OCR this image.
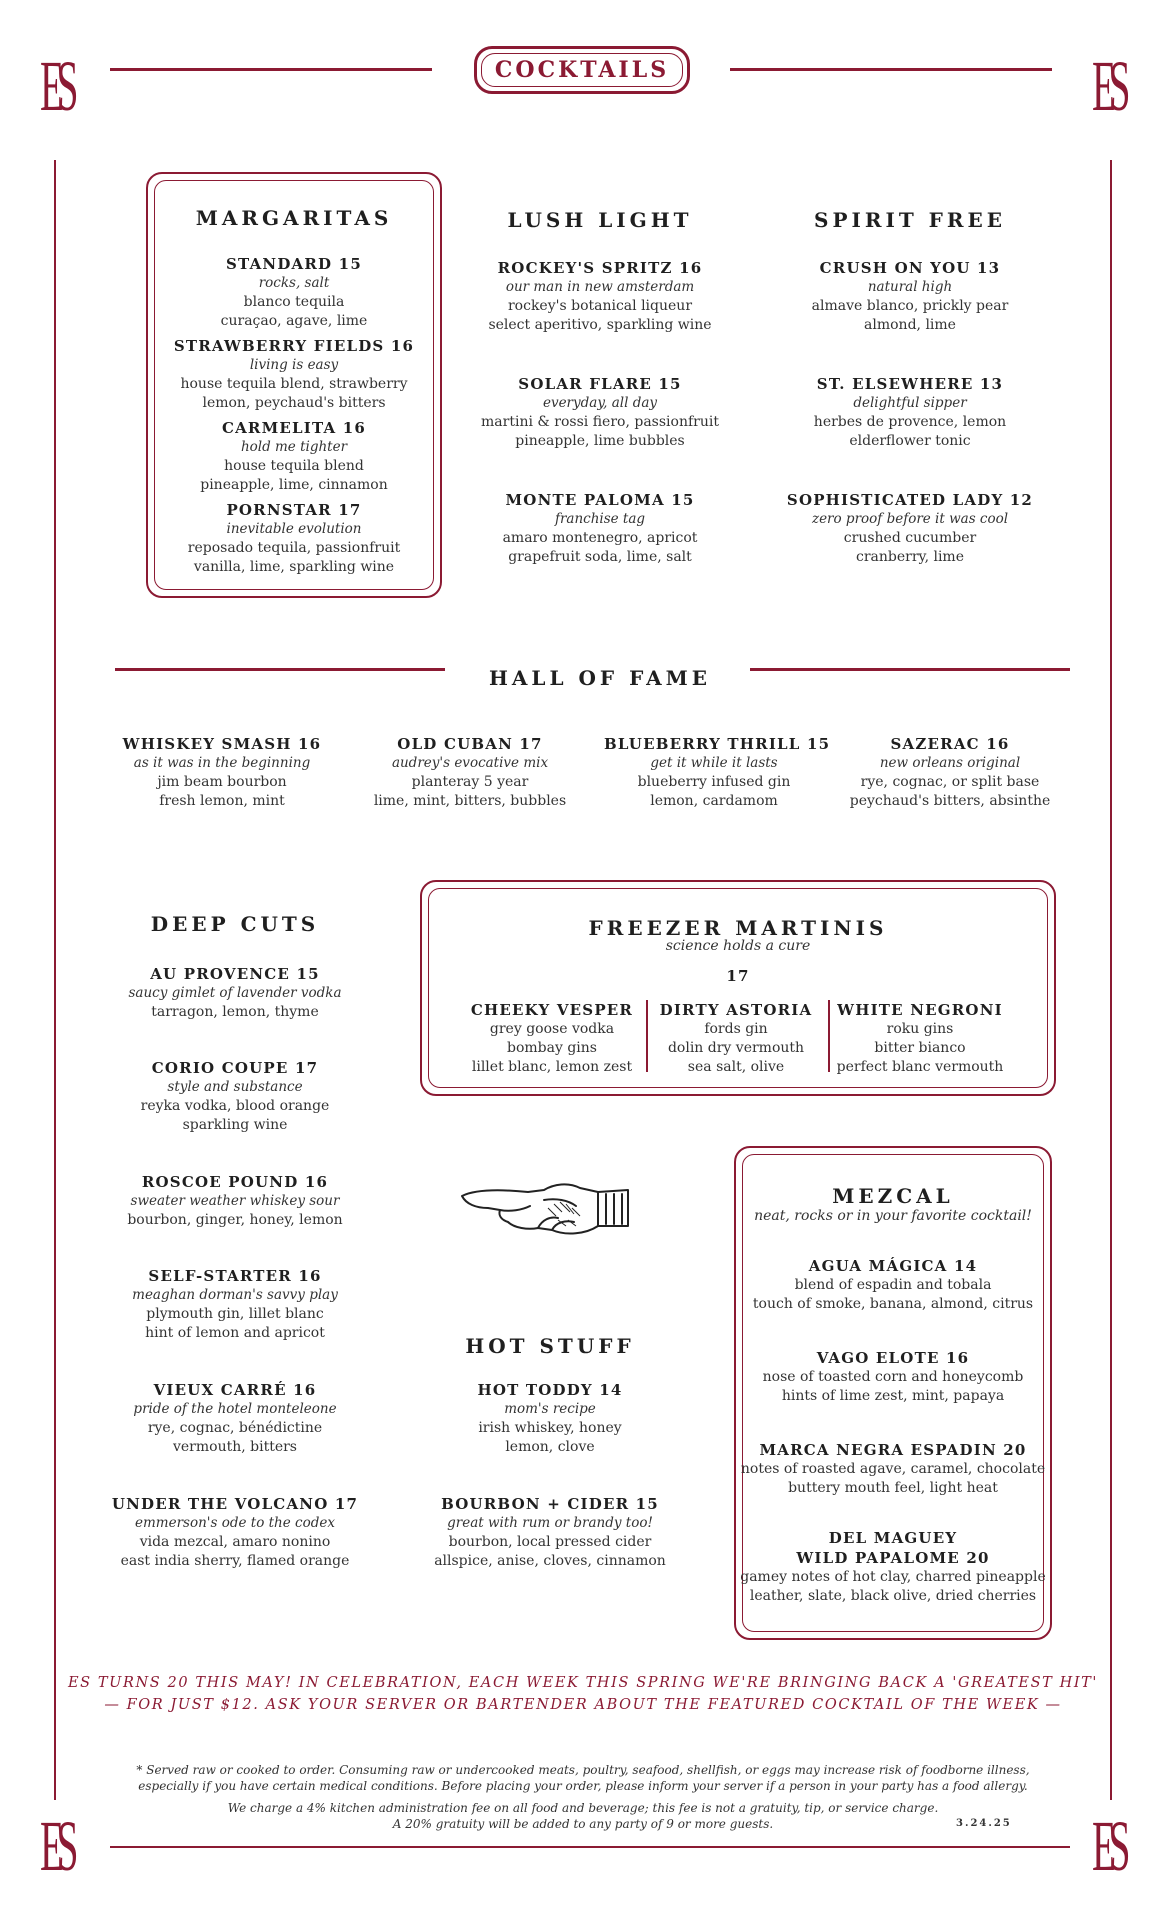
ES	ES
ES	ES
COCKTAILS
MARGARITAS
STANDARD 15
rocks, salt
blanco tequila
curaçao, agave, lime
STRAWBERRY FIELDS 16
living is easy
house tequila blend, strawberry
lemon, peychaud's bitters
CARMELITA 16
hold me tighter
house tequila blend
pineapple, lime, cinnamon
PORNSTAR 17
inevitable evolution
reposado tequila, passionfruit
vanilla, lime, sparkling wine
LUSH LIGHT
ROCKEY'S SPRITZ 16
our man in new amsterdam
rockey's botanical liqueur
select aperitivo, sparkling wine
SOLAR FLARE 15
everyday, all day
martini & rossi fiero, passionfruit
pineapple, lime bubbles
MONTE PALOMA 15
franchise tag
amaro montenegro, apricot
grapefruit soda, lime, salt
SPIRIT FREE
CRUSH ON YOU 13
natural high
almave blanco, prickly pear
almond, lime
ST. ELSEWHERE 13
delightful sipper
herbes de provence, lemon
elderflower tonic
SOPHISTICATED LADY 12
zero proof before it was cool
crushed cucumber
cranberry, lime
HALL OF FAME
WHISKEY SMASH 16
as it was in the beginning
jim beam bourbon
fresh lemon, mint
OLD CUBAN 17
audrey's evocative mix
planteray 5 year
lime, mint, bitters, bubbles
BLUEBERRY THRILL 15
get it while it lasts
blueberry infused gin
lemon, cardamom
SAZERAC 16
new orleans original
rye, cognac, or split base
peychaud's bitters, absinthe
DEEP CUTS
AU PROVENCE 15
saucy gimlet of lavender vodka
tarragon, lemon, thyme
CORIO COUPE 17
style and substance
reyka vodka, blood orange
sparkling wine
ROSCOE POUND 16
sweater weather whiskey sour
bourbon, ginger, honey, lemon
SELF-STARTER 16
meaghan dorman's savvy play
plymouth gin, lillet blanc
hint of lemon and apricot
VIEUX CARRÉ 16
pride of the hotel monteleone
rye, cognac, bénédictine
vermouth, bitters
UNDER THE VOLCANO 17
emmerson's ode to the codex
vida mezcal, amaro nonino
east india sherry, flamed orange
FREEZER MARTINIS
science holds a cure
17
CHEEKY VESPER
grey goose vodka
bombay gins
lillet blanc, lemon zest
DIRTY ASTORIA
fords gin
dolin dry vermouth
sea salt, olive
WHITE NEGRONI
roku gins
bitter bianco
perfect blanc vermouth
HOT STUFF
HOT TODDY 14
mom's recipe
irish whiskey, honey
lemon, clove
BOURBON + CIDER 15
great with rum or brandy too!
bourbon, local pressed cider
allspice, anise, cloves, cinnamon
MEZCAL
neat, rocks or in your favorite cocktail!
AGUA MÁGICA 14
blend of espadin and tobala
touch of smoke, banana, almond, citrus
VAGO ELOTE 16
nose of toasted corn and honeycomb
hints of lime zest, mint, papaya
MARCA NEGRA ESPADIN 20
notes of roasted agave, caramel, chocolate
buttery mouth feel, light heat
DEL MAGUEY
WILD PAPALOME 20
gamey notes of hot clay, charred pineapple
leather, slate, black olive, dried cherries
ES TURNS 20 THIS MAY! IN CELEBRATION, EACH WEEK THIS SPRING WE'RE BRINGING BACK A 'GREATEST HIT'
— FOR JUST $12. ASK YOUR SERVER OR BARTENDER ABOUT THE FEATURED COCKTAIL OF THE WEEK —
* Served raw or cooked to order. Consuming raw or undercooked meats, poultry, seafood, shellfish, or eggs may increase risk of foodborne illness,
especially if you have certain medical conditions. Before placing your order, please inform your server if a person in your party has a food allergy.
We charge a 4% kitchen administration fee on all food and beverage; this fee is not a gratuity, tip, or service charge.
A 20% gratuity will be added to any party of 9 or more guests.	3.24.25
